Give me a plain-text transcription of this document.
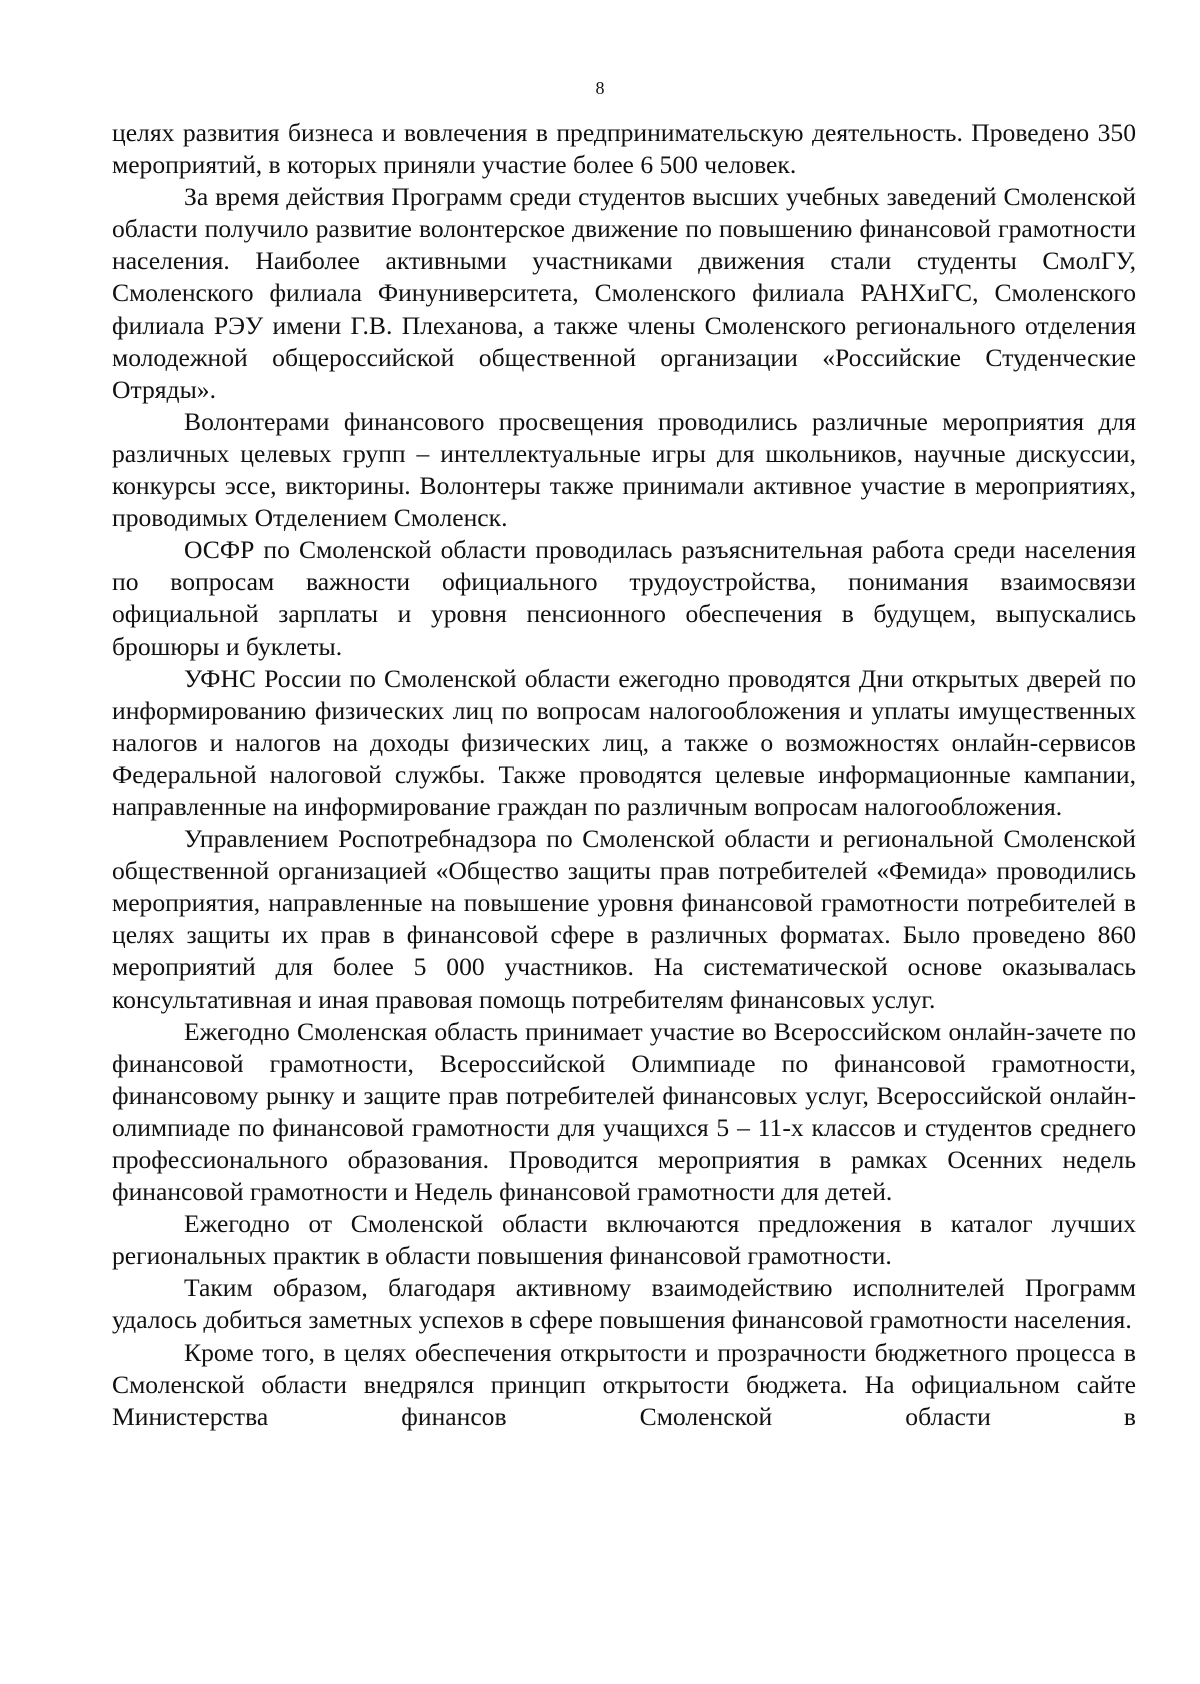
8

целях развития бизнеса и вовлечения в предпринимательскую деятельность. Проведено 350 мероприятий, в которых приняли участие более 6 500 человек.

За время действия Программ среди студентов высших учебных заведений Смоленской области получило развитие волонтерское движение по повышению финансовой грамотности населения. Наиболее активными участниками движения стали студенты СмолГУ, Смоленского филиала Финуниверситета, Смоленского филиала РАНХиГС, Смоленского филиала РЭУ имени Г.В. Плеханова, а также члены Смоленского регионального отделения молодежной общероссийской общественной организации «Российские Студенческие Отряды».

Волонтерами финансового просвещения проводились различные мероприятия для различных целевых групп – интеллектуальные игры для школьников, научные дискуссии, конкурсы эссе, викторины. Волонтеры также принимали активное участие в мероприятиях, проводимых Отделением Смоленск.

ОСФР по Смоленской области проводилась разъяснительная работа среди населения по вопросам важности официального трудоустройства, понимания взаимосвязи официальной зарплаты и уровня пенсионного обеспечения в будущем, выпускались брошюры и буклеты.

УФНС России по Смоленской области ежегодно проводятся Дни открытых дверей по информированию физических лиц по вопросам налогообложения и уплаты имущественных налогов и налогов на доходы физических лиц, а также о возможностях онлайн-сервисов Федеральной налоговой службы. Также проводятся целевые информационные кампании, направленные на информирование граждан по различным вопросам налогообложения.

Управлением Роспотребнадзора по Смоленской области и региональной Смоленской общественной организацией «Общество защиты прав потребителей «Фемида» проводились мероприятия, направленные на повышение уровня финансовой грамотности потребителей в целях защиты их прав в финансовой сфере в различных форматах. Было проведено 860 мероприятий для более 5 000 участников. На систематической основе оказывалась консультативная и иная правовая помощь потребителям финансовых услуг.

Ежегодно Смоленская область принимает участие во Всероссийском онлайн-зачете по финансовой грамотности, Всероссийской Олимпиаде по финансовой грамотности, финансовому рынку и защите прав потребителей финансовых услуг, Всероссийской онлайн-олимпиаде по финансовой грамотности для учащихся 5 – 11-х классов и студентов среднего профессионального образования. Проводится мероприятия в рамках Осенних недель финансовой грамотности и Недель финансовой грамотности для детей.

Ежегодно от Смоленской области включаются предложения в каталог лучших региональных практик в области повышения финансовой грамотности.

Таким образом, благодаря активному взаимодействию исполнителей Программ удалось добиться заметных успехов в сфере повышения финансовой грамотности населения.

Кроме того, в целях обеспечения открытости и прозрачности бюджетного процесса в Смоленской области внедрялся принцип открытости бюджета. На официальном сайте Министерства финансов Смоленской области в
